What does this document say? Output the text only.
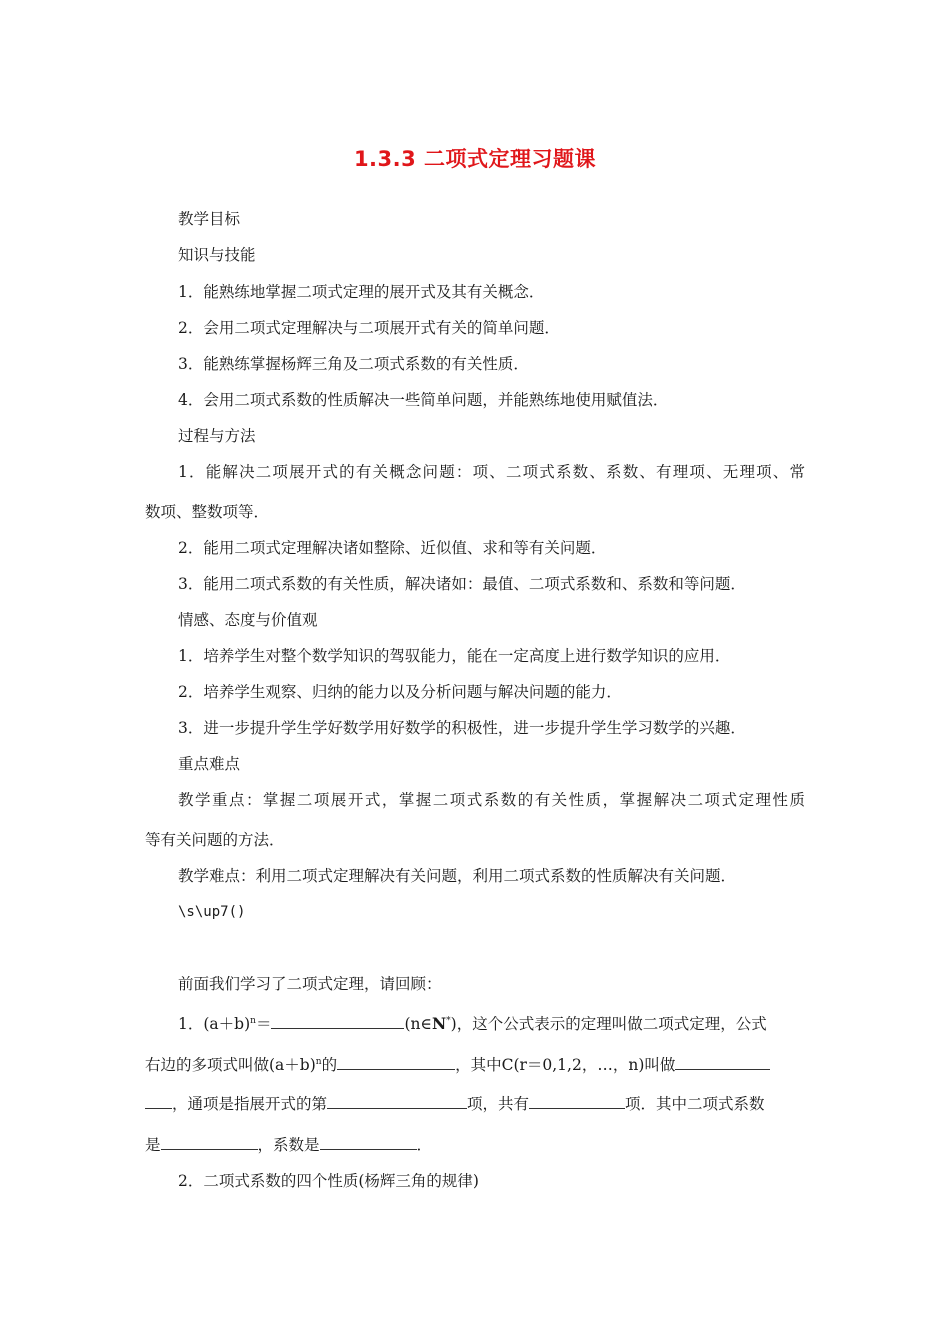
1.3.3 二项式定理习题课
教学目标
知识与技能
1．能熟练地掌握二项式定理的展开式及其有关概念．
2．会用二项式定理解决与二项展开式有关的简单问题．
3．能熟练掌握杨辉三角及二项式系数的有关性质．
4．会用二项式系数的性质解决一些简单问题，并能熟练地使用赋值法．
过程与方法
1．能解决二项展开式的有关概念问题：项、二项式系数、系数、有理项、无理项、常
数项、整数项等．
2．能用二项式定理解决诸如整除、近似值、求和等有关问题．
3．能用二项式系数的有关性质，解决诸如：最值、二项式系数和、系数和等问题．
情感、态度与价值观
1．培养学生对整个数学知识的驾驭能力，能在一定高度上进行数学知识的应用．
2．培养学生观察、归纳的能力以及分析问题与解决问题的能力．
3．进一步提升学生学好数学用好数学的积极性，进一步提升学生学习数学的兴趣．
重点难点
教学重点：掌握二项展开式，掌握二项式系数的有关性质，掌握解决二项式定理性质
等有关问题的方法．
教学难点：利用二项式定理解决有关问题，利用二项式系数的性质解决有关问题．
\s\up7()
前面我们学习了二项式定理，请回顾：
1．$(a+b)^n=$	(n∈N*)，这个公式表示的定理叫做二项式定理，公式
右边的多项式叫做$(a+b)^n$的	，其中C(r＝0,1,2，…，n)叫做
，通项是指展开式的第	项，共有	项．其中二项式系数
是	，系数是	．
2．二项式系数的四个性质(杨辉三角的规律)
